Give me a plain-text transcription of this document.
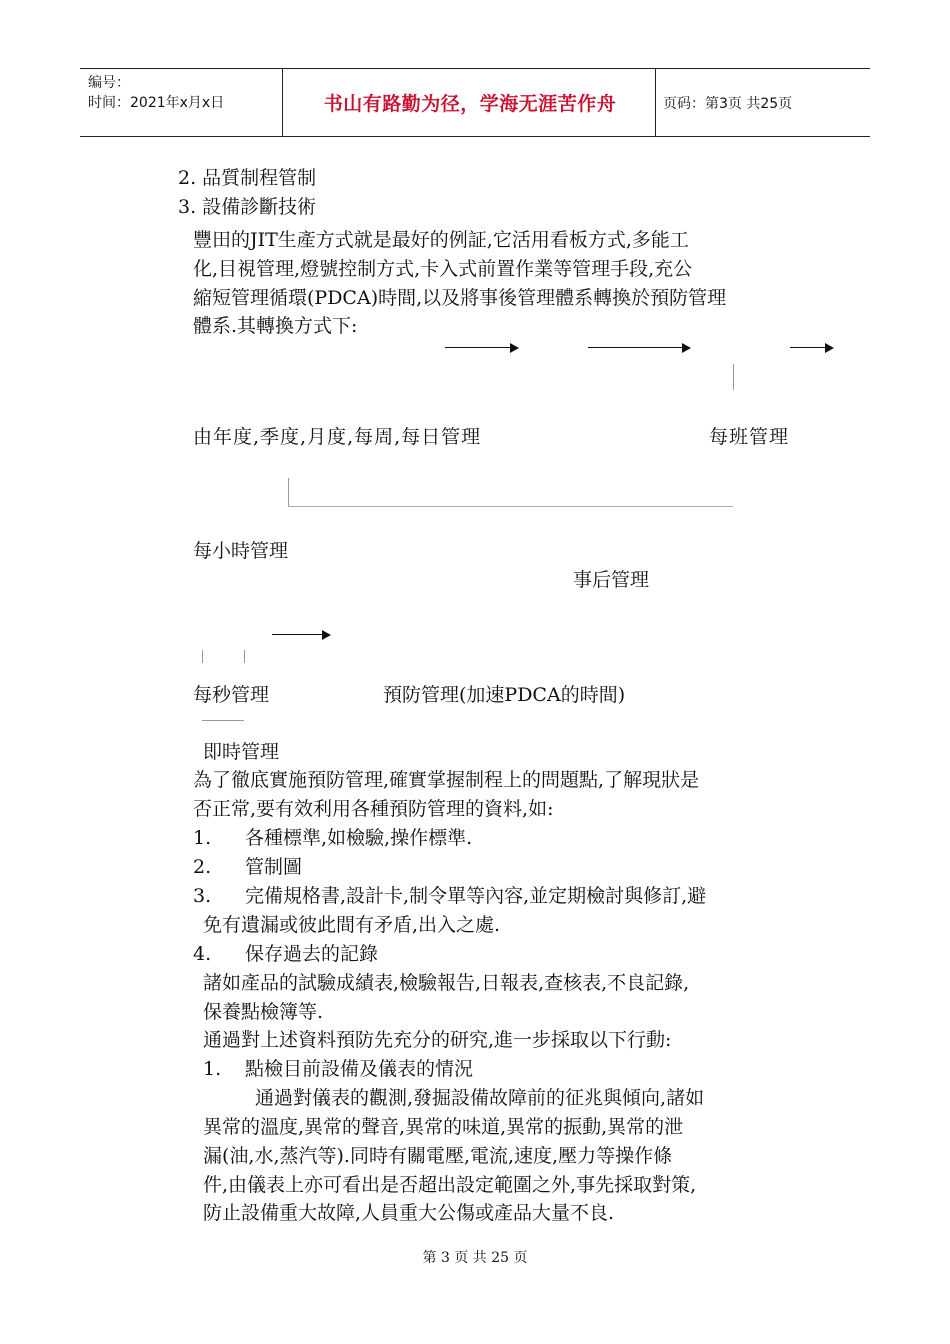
编号：
时间：2021年x月x日	书山有路勤为径，学海无涯苦作舟	页码：第3页 共25页
2. 品質制程管制
3. 設備診斷技術
豐田的JIT生產方式就是最好的例証,它活用看板方式,多能工
化,目視管理,燈號控制方式,卡入式前置作業等管理手段,充公
縮短管理循環(PDCA)時間,以及將事後管理體系轉換於預防管理
體系.其轉換方式下:
由年度,季度,月度,每周,每日管理	每班管理
每小時管理
事后管理
每秒管理	預防管理(加速PDCA的時間)
即時管理
為了徹底實施預防管理,確實掌握制程上的問題點,了解現狀是
否正常,要有效利用各種預防管理的資料,如:
1. 各種標準,如檢驗,操作標準.
2. 管制圖
3. 完備規格書,設計卡,制令單等內容,並定期檢討與修訂,避
免有遺漏或彼此間有矛盾,出入之處.
4. 保存過去的記錄
諸如產品的試驗成績表,檢驗報告,日報表,查核表,不良記錄,
保養點檢簿等.
通過對上述資料預防先充分的研究,進一步採取以下行動:
1. 點檢目前設備及儀表的情況
通過對儀表的觀測,發掘設備故障前的征兆與傾向,諸如
異常的溫度,異常的聲音,異常的味道,異常的振動,異常的泄
漏(油,水,蒸汽等).同時有關電壓,電流,速度,壓力等操作條
件,由儀表上亦可看出是否超出設定範圍之外,事先採取對策,
防止設備重大故障,人員重大公傷或產品大量不良.
第 3 页 共 25 页
